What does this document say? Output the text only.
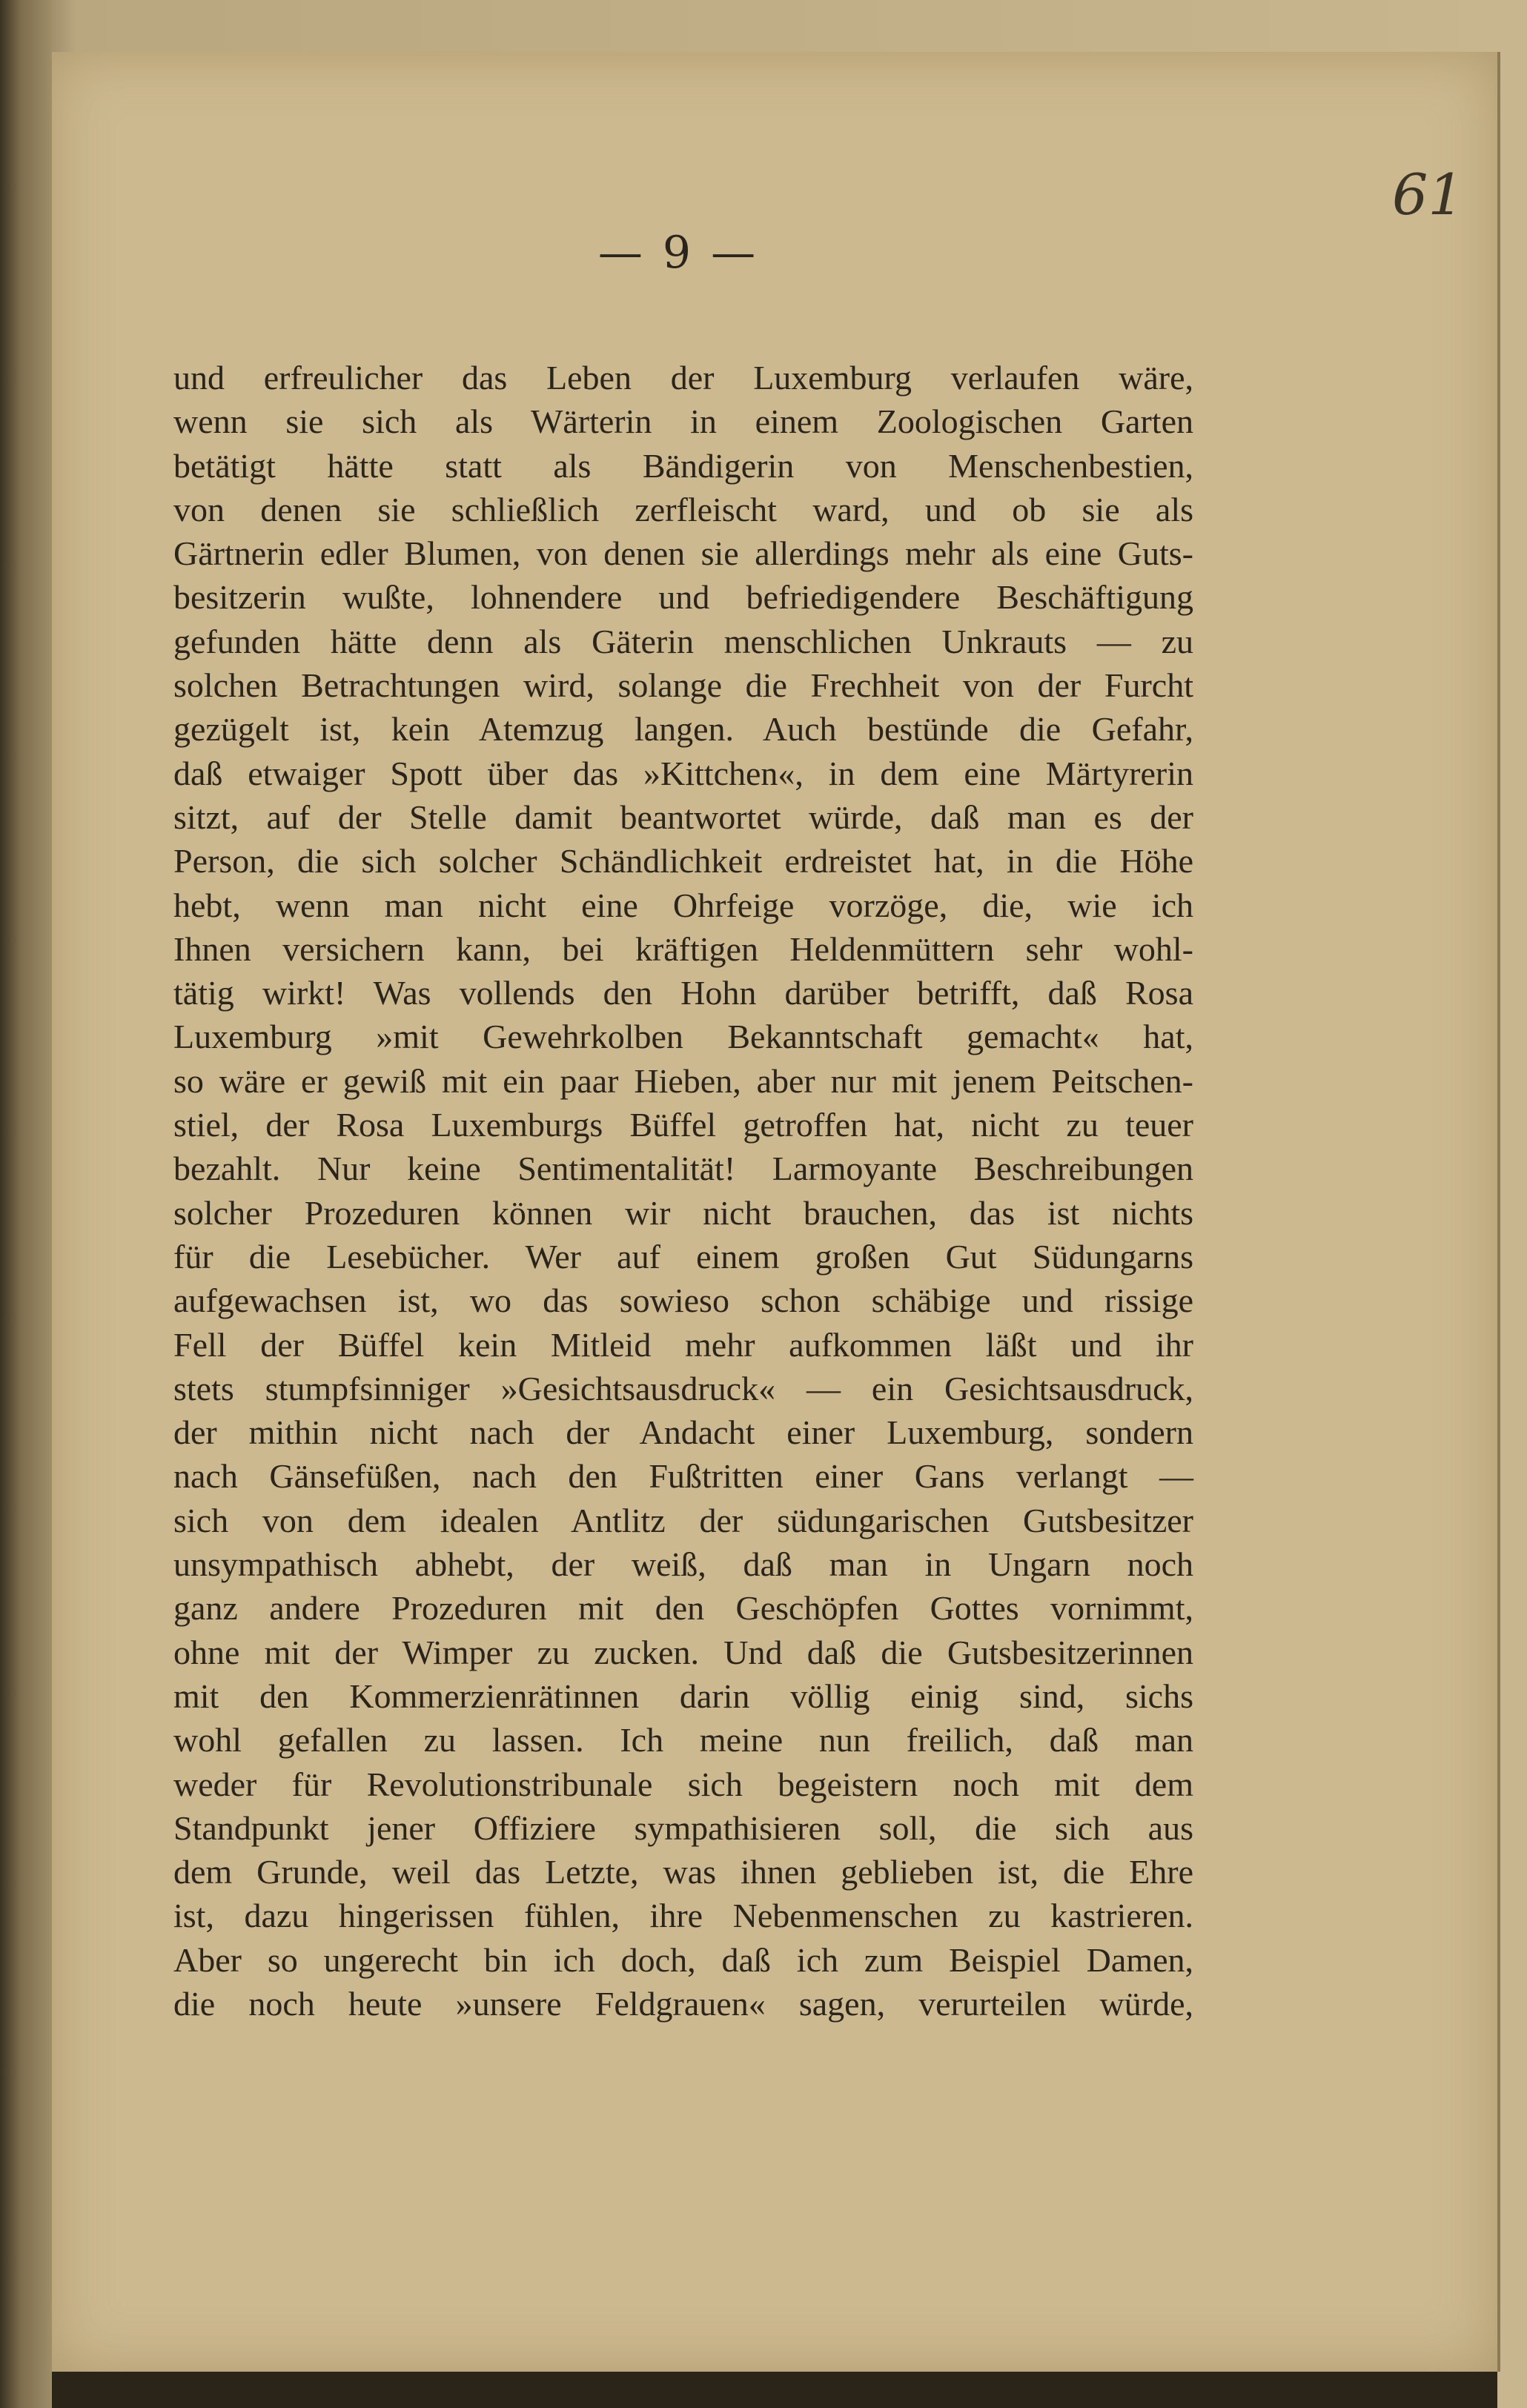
61
— 9 —
und erfreulicher das Leben der Luxemburg verlaufen wäre,
wenn sie sich als Wärterin in einem Zoologischen Garten
betätigt hätte statt als Bändigerin von Menschenbestien,
von denen sie schließlich zerfleischt ward, und ob sie als
Gärtnerin edler Blumen, von denen sie allerdings mehr als eine Guts-
besitzerin wußte, lohnendere und befriedigendere Beschäftigung
gefunden hätte denn als Gäterin menschlichen Unkrauts — zu
solchen Betrachtungen wird, solange die Frechheit von der Furcht
gezügelt ist, kein Atemzug langen. Auch bestünde die Gefahr,
daß etwaiger Spott über das »Kittchen«, in dem eine Märtyrerin
sitzt, auf der Stelle damit beantwortet würde, daß man es der
Person, die sich solcher Schändlichkeit erdreistet hat, in die Höhe
hebt, wenn man nicht eine Ohrfeige vorzöge, die, wie ich
Ihnen versichern kann, bei kräftigen Heldenmüttern sehr wohl-
tätig wirkt! Was vollends den Hohn darüber betrifft, daß Rosa
Luxemburg »mit Gewehrkolben Bekanntschaft gemacht« hat,
so wäre er gewiß mit ein paar Hieben, aber nur mit jenem Peitschen-
stiel, der Rosa Luxemburgs Büffel getroffen hat, nicht zu teuer
bezahlt. Nur keine Sentimentalität! Larmoyante Beschreibungen
solcher Prozeduren können wir nicht brauchen, das ist nichts
für die Lesebücher. Wer auf einem großen Gut Südungarns
aufgewachsen ist, wo das sowieso schon schäbige und rissige
Fell der Büffel kein Mitleid mehr aufkommen läßt und ihr
stets stumpfsinniger »Gesichtsausdruck« — ein Gesichtsausdruck,
der mithin nicht nach der Andacht einer Luxemburg, sondern
nach Gänsefüßen, nach den Fußtritten einer Gans verlangt —
sich von dem idealen Antlitz der südungarischen Gutsbesitzer
unsympathisch abhebt, der weiß, daß man in Ungarn noch
ganz andere Prozeduren mit den Geschöpfen Gottes vornimmt,
ohne mit der Wimper zu zucken. Und daß die Gutsbesitzerinnen
mit den Kommerzienrätinnen darin völlig einig sind, sichs
wohl gefallen zu lassen. Ich meine nun freilich, daß man
weder für Revolutionstribunale sich begeistern noch mit dem
Standpunkt jener Offiziere sympathisieren soll, die sich aus
dem Grunde, weil das Letzte, was ihnen geblieben ist, die Ehre
ist, dazu hingerissen fühlen, ihre Nebenmenschen zu kastrieren.
Aber so ungerecht bin ich doch, daß ich zum Beispiel Damen,
die noch heute »unsere Feldgrauen« sagen, verurteilen würde,
